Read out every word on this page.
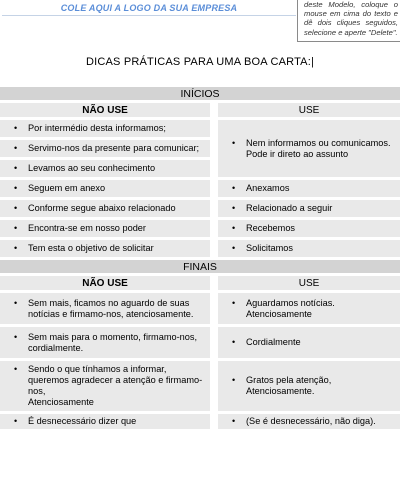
COLE AQUI A LOGO DA SUA EMPRESA	deste Modelo, coloque o mouse em cima do texto e dê dois cliques seguidos, selecione e aperte "Delete".
DICAS PRÁTICAS PARA UMA BOA CARTA:|
INÍCIOS		
NÃO USE		USE

• Por intermédio desta informamos;		• Nem informamos ou comunicamos.
Pode ir direto ao assunto

• Servimo-nos da presente para comunicar;		

• Levamos ao seu conhecimento		

• Seguem em anexo		• Anexamos

• Conforme segue abaixo relacionado		• Relacionado a seguir

• Encontra-se em nosso poder		• Recebemos

• Tem esta o objetivo de solicitar		• Solicitamos

FINAIS		
NÃO USE		USE

• Sem mais, ficamos no aguardo de suas notícias e firmamo-nos, atenciosamente.		• Aguardamos notícias. Atenciosamente

• Sem mais para o momento, firmamo-nos, cordialmente.		• Cordialmente

• Sendo o que tínhamos a informar, queremos agradecer a atenção e firmamo-nos,
Atenciosamente		• Gratos pela atenção, Atenciosamente.

• É desnecessário dizer que		• (Se é desnecessário, não diga).
